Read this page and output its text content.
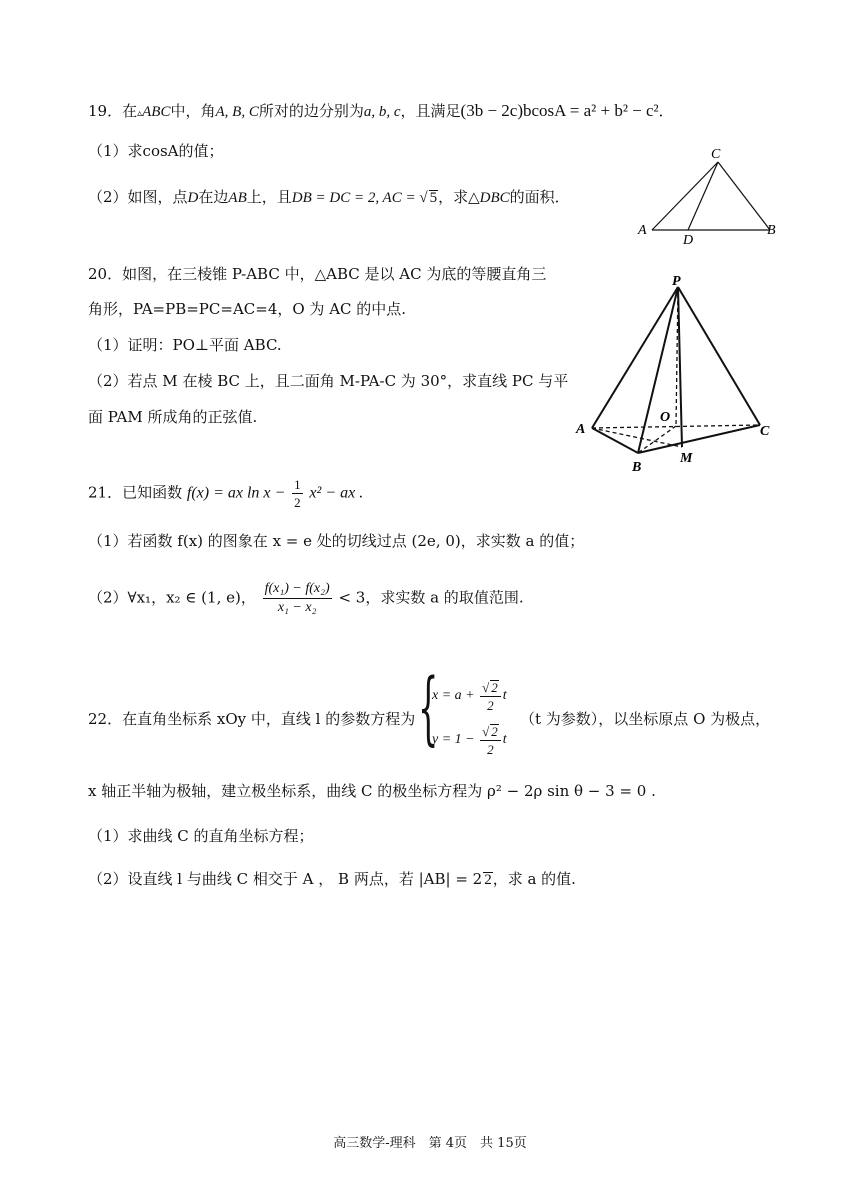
19．在▵ABC中，角A, B, C所对的边分别为a, b, c，且满足(3b − 2c)bcosA = a² + b² − c²．
（1）求cosA的值；
（2）如图，点D在边AB上，且DB = DC = 2, AC = √ 5，求△DBC的面积．
C
A
D
B
20．如图，在三棱锥 P-ABC 中，△ABC 是以 AC 为底的等腰直角三
角形，PA=PB=PC=AC=4，O 为 AC 的中点.
（1）证明：PO⊥平面 ABC.
（2）若点 M 在棱 BC 上，且二面角 M-PA-C 为 30°，求直线 PC 与平
面 PAM 所成角的正弦值.
P
A
O
C
B
M
21．已知函数 f(x) = ax $\ln x - \frac{1}{2} x^2$ − ax .
（1）若函数 f(x) 的图象在 x = e 处的切线过点 (2e, 0)，求实数 a 的值；
（2）∀x₁，x₂ ∈ (1, e)， $\frac{\text{f(x₁) − f(x₂)}}{\text{x₁ − x₂}} < 3$，求实数 a 的取值范围.
22．在直角坐标系 xOy 中，直线 l 的参数方程为 {
$x = a + \frac{√ 2}{2}$ t
$y = 1 - \frac{√ 2}{2}$ t
（t 为参数），以坐标原点 O 为极点，
x 轴正半轴为极轴，建立极坐标系，曲线 C 的极坐标方程为 ρ² − 2ρ sin θ − 3 = 0 .
（1）求曲线 C 的直角坐标方程；
（2）设直线 l 与曲线 C 相交于 A ， B 两点，若 |AB| = 2 2，求 a 的值.
高三数学-理科　第 4页　共 15页
